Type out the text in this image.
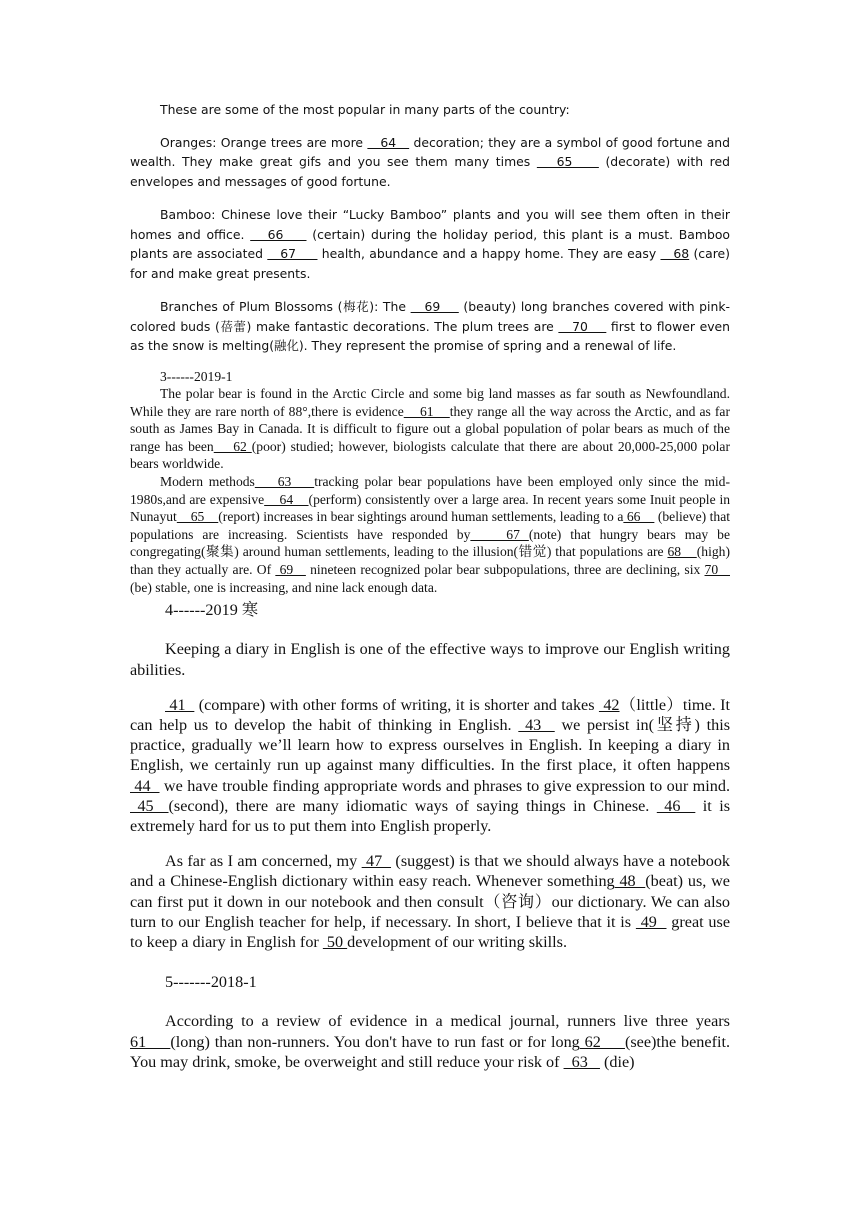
These are some of the most popular in many parts of the country:

Oranges: Orange trees are more    64    decoration; they are a symbol of good fortune and wealth. They make great gifs and you see them many times    65     (decorate) with red envelopes and messages of good fortune.

Bamboo: Chinese love their “Lucky Bamboo” plants and you will see them often in their homes and office.    66     (certain) during the holiday period, this plant is a must. Bamboo plants are associated    67      health, abundance and a happy home. They are easy    68 (care) for and make great presents.

Branches of Plum Blossoms (梅花): The    69     (beauty) long branches covered with pink-colored buds (蓓蕾) make fantastic decorations. The plum trees are    70     first to flower even as the snow is melting(融化). They represent the promise of spring and a renewal of life.

3------2019-1

The polar bear is found in the Arctic Circle and some big land masses as far south as Newfoundland. While they are rare north of 88°,there is evidence    61    they range all the way across the Arctic, and as far south as James Bay in Canada. It is difficult to figure out a global population of polar bears as much of the range has been    62 (poor) studied; however, biologists calculate that there are about 20,000-25,000 polar bears worldwide.

Modern methods    63    tracking polar bear populations have been employed only since the mid-1980s,and are expensive    64    (perform) consistently over a large area. In recent years some Inuit people in Nunayut    65    (report) increases in bear sightings around human settlements, leading to a 66     (believe) that populations are increasing. Scientists have responded by    67 (note) that hungry bears may be congregating(聚集) around human settlements, leading to the illusion(错觉) that populations are 68    (high) than they actually are. Of  69    nineteen recognized polar bear subpopulations, three are declining, six 70    (be) stable, one is increasing, and nine lack enough data.

4------2019 寒

Keeping a diary in English is one of the effective ways to improve our English writing abilities.

41   (compare) with other forms of writing, it is shorter and takes  42（little）time. It can help us to develop the habit of thinking in English.  43   we persist in(坚持) this practice, gradually we’ll learn how to express ourselves in English. In keeping a diary in English, we certainly run up against many difficulties. In the first place, it often happens  44   we have trouble finding appropriate words and phrases to give expression to our mind.  45  (second), there are many idiomatic ways of saying things in Chinese.  46   it is extremely hard for us to put them into English properly.

As far as I am concerned, my  47   (suggest) is that we should always have a notebook and a Chinese-English dictionary within easy reach. Whenever something 48  (beat) us, we can first put it down in our notebook and then consult（咨询）our dictionary. We can also turn to our English teacher for help, if necessary. In short, I believe that it is  49   great use to keep a diary in English for  50 development of our writing skills.

5-------2018-1

According to a review of evidence in a medical journal, runners live three years 61     (long) than non-runners. You don't have to run fast or for long 62     (see)the benefit. You may drink, smoke, be overweight and still reduce your risk of   63    (die)
